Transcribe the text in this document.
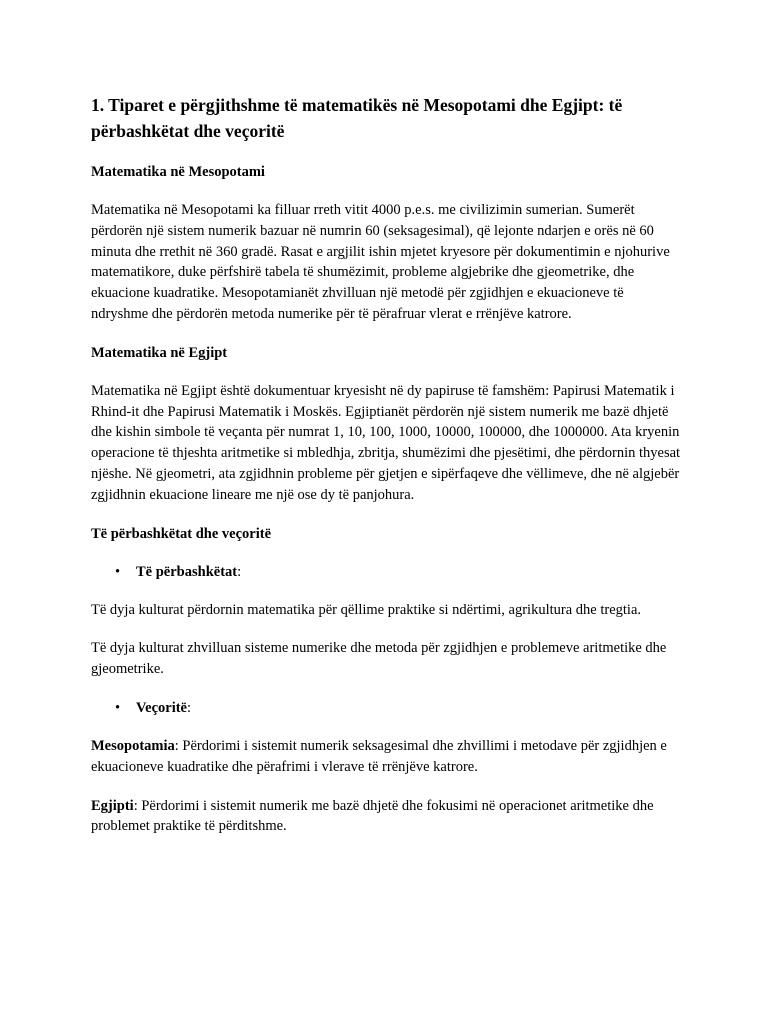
1. Tiparet e përgjithshme të matematikës në Mesopotami dhe Egjipt: të përbashkëtat dhe veçoritë
Matematika në Mesopotami

Matematika në Mesopotami ka filluar rreth vitit 4000 p.e.s. me civilizimin sumerian. Sumerët përdorën një sistem numerik bazuar në numrin 60 (seksagesimal), që lejonte ndarjen e orës në 60 minuta dhe rrethit në 360 gradë. Rasat e argjilit ishin mjetet kryesore për dokumentimin e njohurive matematikore, duke përfshirë tabela të shumëzimit, probleme algjebrike dhe gjeometrike, dhe ekuacione kuadratike. Mesopotamianët zhvilluan një metodë për zgjidhjen e ekuacioneve të ndryshme dhe përdorën metoda numerike për të përafruar vlerat e rrënjëve katrore.

Matematika në Egjipt

Matematika në Egjipt është dokumentuar kryesisht në dy papiruse të famshëm: Papirusi Matematik i Rhind-it dhe Papirusi Matematik i Moskës. Egjiptianët përdorën një sistem numerik me bazë dhjetë dhe kishin simbole të veçanta për numrat 1, 10, 100, 1000, 10000, 100000, dhe 1000000. Ata kryenin operacione të thjeshta aritmetike si mbledhja, zbritja, shumëzimi dhe pjesëtimi, dhe përdornin thyesat njëshe. Në gjeometri, ata zgjidhnin probleme për gjetjen e sipërfaqeve dhe vëllimeve, dhe në algjebër zgjidhnin ekuacione lineare me një ose dy të panjohura.

Të përbashkëtat dhe veçoritë
• Të përbashkëtat:

Të dyja kulturat përdornin matematika për qëllime praktike si ndërtimi, agrikultura dhe tregtia.

Të dyja kulturat zhvilluan sisteme numerike dhe metoda për zgjidhjen e problemeve aritmetike dhe gjeometrike.

• Veçoritë:

Mesopotamia: Përdorimi i sistemit numerik seksagesimal dhe zhvillimi i metodave për zgjidhjen e ekuacioneve kuadratike dhe përafrimi i vlerave të rrënjëve katrore.

Egjipti: Përdorimi i sistemit numerik me bazë dhjetë dhe fokusimi në operacionet aritmetike dhe problemet praktike të përditshme.
